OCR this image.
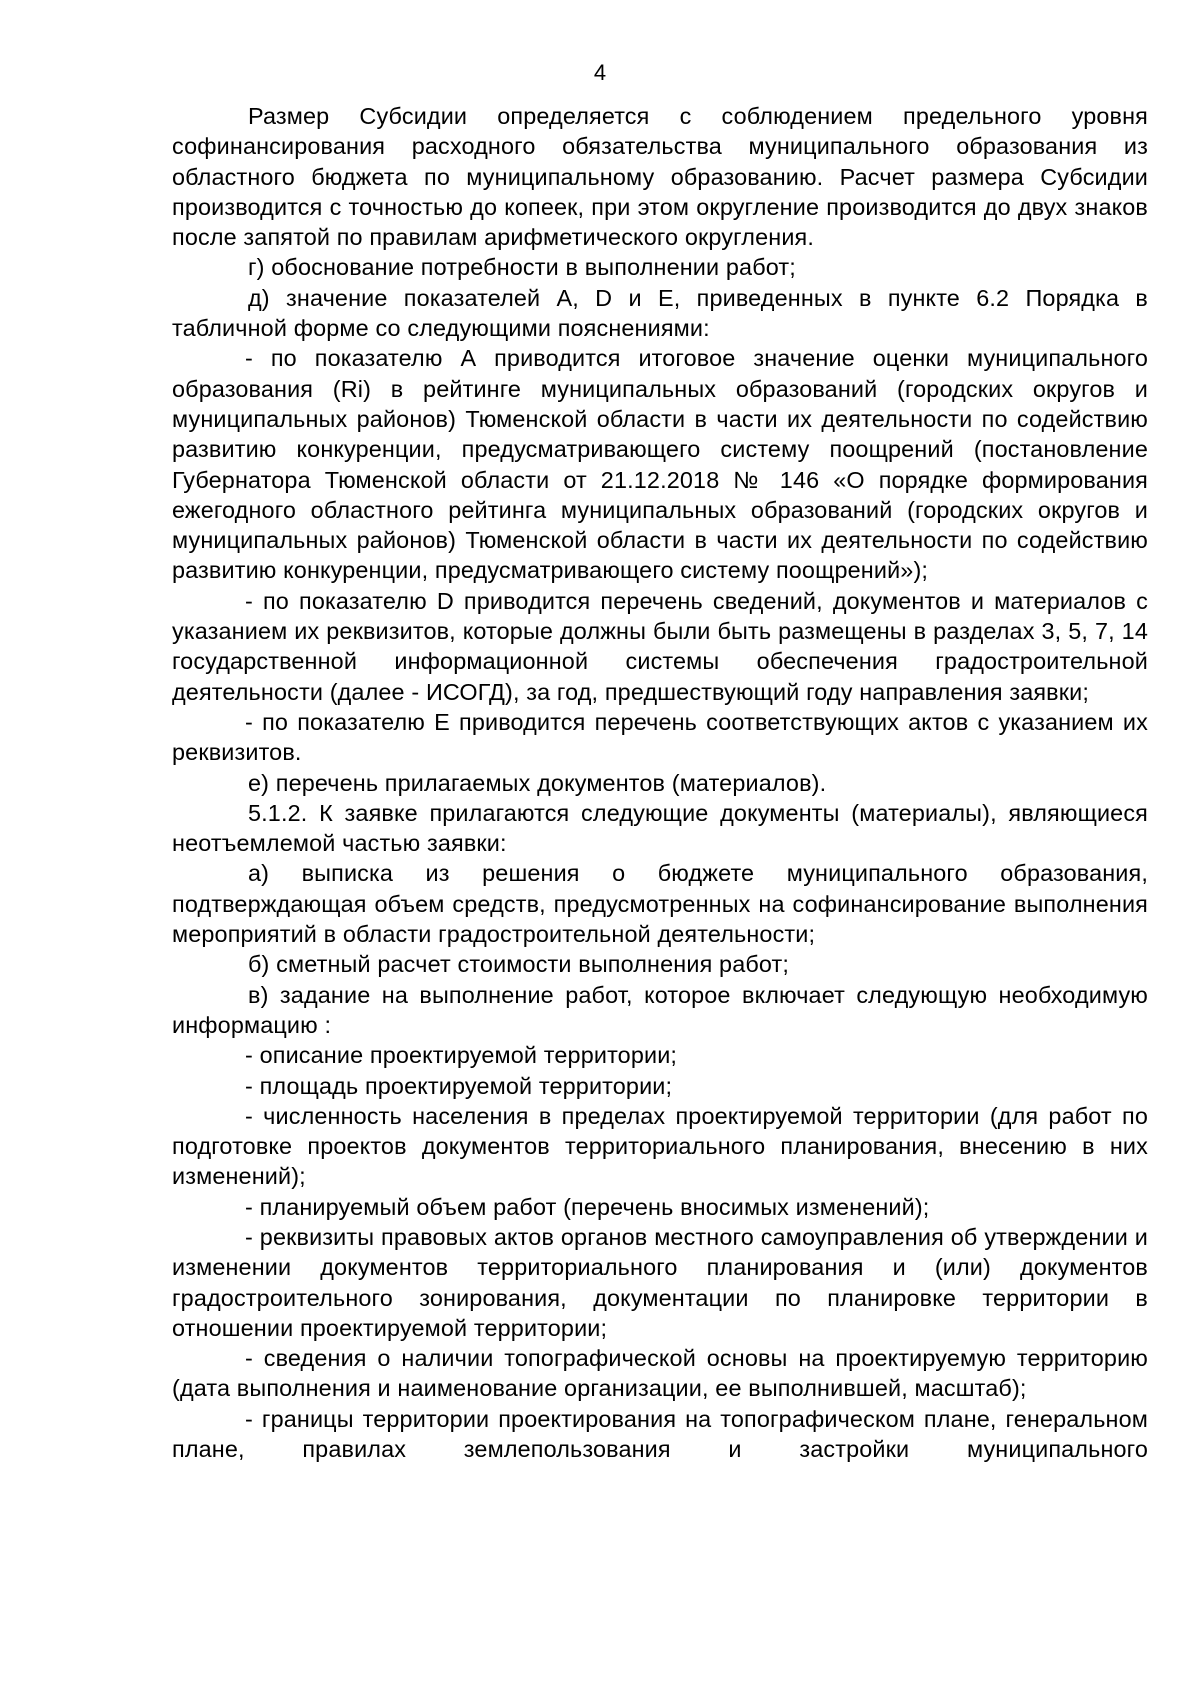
4

Размер Субсидии определяется с соблюдением предельного уровня софинансирования расходного обязательства муниципального образования из областного бюджета по муниципальному образованию. Расчет размера Субсидии производится с точностью до копеек, при этом округление производится до двух знаков после запятой по правилам арифметического округления.

г) обоснование потребности в выполнении работ;

д) значение показателей А, D и Е, приведенных в пункте 6.2 Порядка в табличной форме со следующими пояснениями:

- по показателю А приводится итоговое значение оценки муниципального образования (Ri) в рейтинге муниципальных образований (городских округов и муниципальных районов) Тюменской области в части их деятельности по содействию развитию конкуренции, предусматривающего систему поощрений (постановление Губернатора Тюменской области от 21.12.2018 № 146 «О порядке формирования ежегодного областного рейтинга муниципальных образований (городских округов и муниципальных районов) Тюменской области в части их деятельности по содействию развитию конкуренции, предусматривающего систему поощрений»);

- по показателю D приводится перечень сведений, документов и материалов с указанием их реквизитов, которые должны были быть размещены в разделах 3, 5, 7, 14 государственной информационной системы обеспечения градостроительной деятельности (далее - ИСОГД), за год, предшествующий году направления заявки;

- по показателю Е приводится перечень соответствующих актов с указанием их реквизитов.

е) перечень прилагаемых документов (материалов).

5.1.2. К заявке прилагаются следующие документы (материалы), являющиеся неотъемлемой частью заявки:

а) выписка из решения о бюджете муниципального образования, подтверждающая объем средств, предусмотренных на софинансирование выполнения мероприятий в области градостроительной деятельности;

б) сметный расчет стоимости выполнения работ;

в) задание на выполнение работ, которое включает следующую необходимую информацию :

- описание проектируемой территории;

- площадь проектируемой территории;

- численность населения в пределах проектируемой территории (для работ по подготовке проектов документов территориального планирования, внесению в них изменений);

- планируемый объем работ (перечень вносимых изменений);

- реквизиты правовых актов органов местного самоуправления об утверждении и изменении документов территориального планирования и (или) документов градостроительного зонирования, документации по планировке территории в отношении проектируемой территории;

- сведения о наличии топографической основы на проектируемую территорию (дата выполнения и наименование организации, ее выполнившей, масштаб);

- границы территории проектирования на топографическом плане, генеральном плане, правилах землепользования и застройки муниципального
